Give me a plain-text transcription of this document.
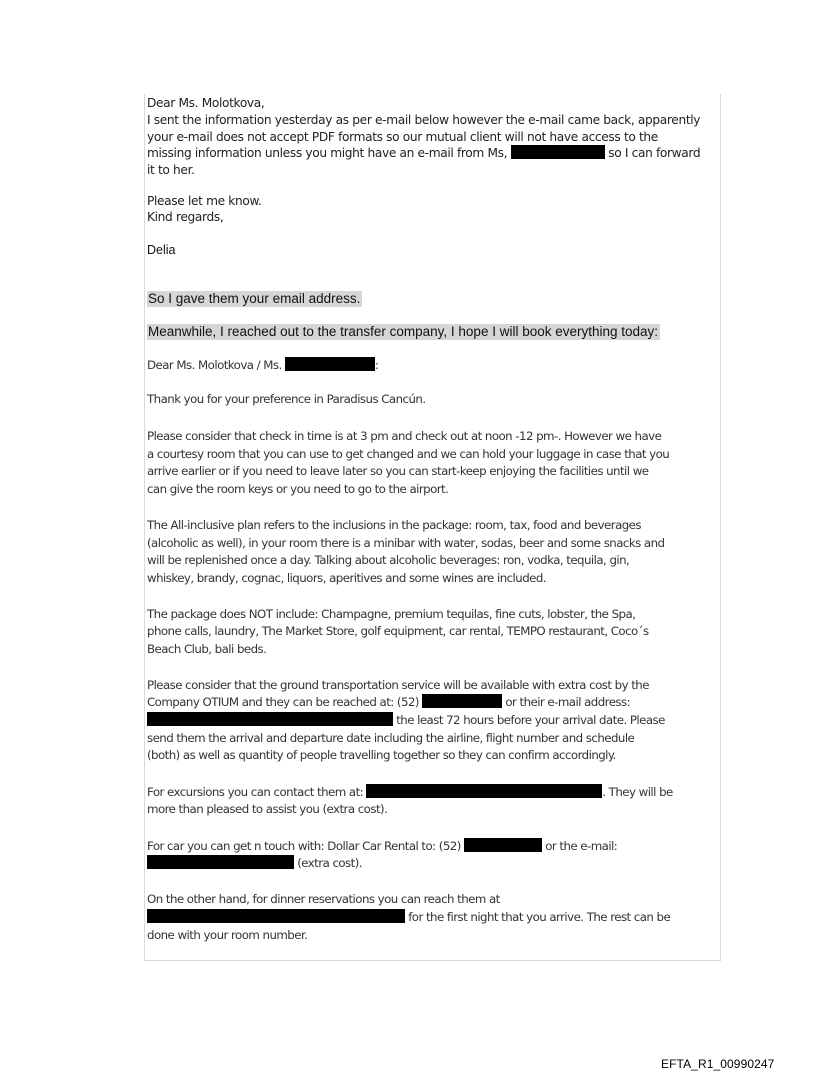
Dear Ms. Molotkova,

I sent the information yesterday as per e-mail below however the e-mail came back, apparently

your e-mail does not accept PDF formats so our mutual client will not have access to the

missing information unless you might have an e-mail from Ms,	so I can forward

it to her.

Please let me know.

Kind regards,

Delia

So I gave them your email address.

Meanwhile, I reached out to the transfer company, I hope I will book everything today:

Dear Ms. Molotkova / Ms.	:

Thank you for your preference in Paradisus Cancún.

Please consider that check in time is at 3 pm and check out at noon -12 pm-. However we have

a courtesy room that you can use to get changed and we can hold your luggage in case that you

arrive earlier or if you need to leave later so you can start-keep enjoying the facilities until we

can give the room keys or you need to go to the airport.

The All-inclusive plan refers to the inclusions in the package: room, tax, food and beverages

(alcoholic as well), in your room there is a minibar with water, sodas, beer and some snacks and

will be replenished once a day. Talking about alcoholic beverages: ron, vodka, tequila, gin,

whiskey, brandy, cognac, liquors, aperitives and some wines are included.

The package does NOT include: Champagne, premium tequilas, fine cuts, lobster, the Spa,

phone calls, laundry, The Market Store, golf equipment, car rental, TEMPO restaurant, Coco´s

Beach Club, bali beds.

Please consider that the ground transportation service will be available with extra cost by the

Company OTIUM and they can be reached at: (52)	or their e-mail address:

the least 72 hours before your arrival date. Please

send them the arrival and departure date including the airline, flight number and schedule

(both) as well as quantity of people travelling together so they can confirm accordingly.

For excursions you can contact them at:	. They will be

more than pleased to assist you (extra cost).

For car you can get n touch with: Dollar Car Rental to: (52)	or the e-mail:

(extra cost).

On the other hand, for dinner reservations you can reach them at

for the first night that you arrive. The rest can be

done with your room number.

EFTA_R1_00990247
